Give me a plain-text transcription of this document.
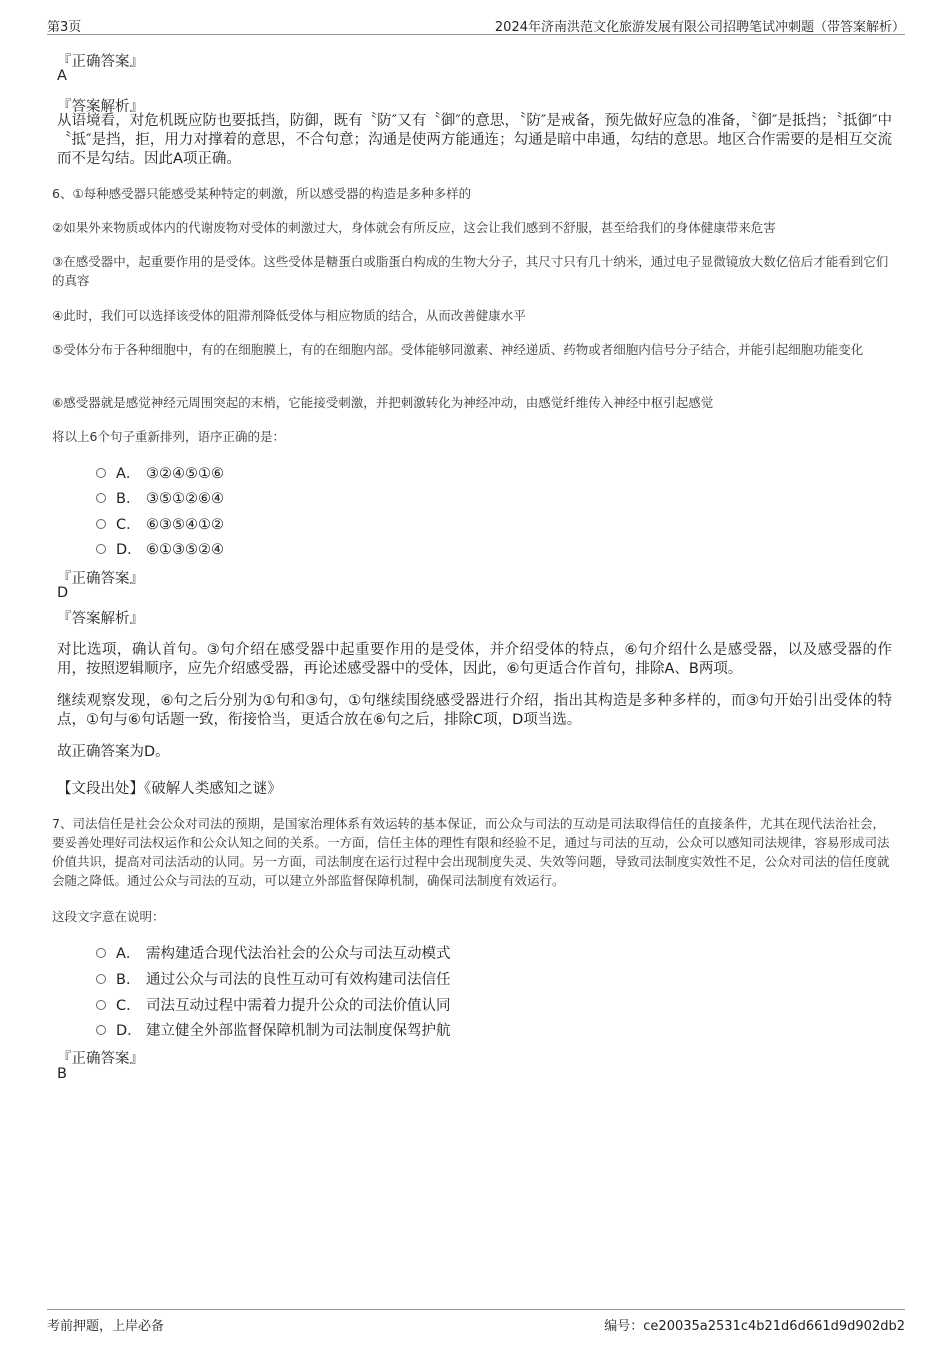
第3页	2024年济南洪范文化旅游发展有限公司招聘笔试冲刺题（带答案解析）
『正确答案』
A
『答案解析』
从语境看，对危机既应防也要抵挡，防御，既有〝防″又有〝御″的意思，〝防″是戒备，预先做好应急的准备，〝御″是抵挡；〝抵御″中〝抵″是挡，拒，用力对撑着的意思，不合句意；沟通是使两方能通连；勾通是暗中串通，勾结的意思。地区合作需要的是相互交流而不是勾结。因此A项正确。
6、①每种感受器只能感受某种特定的刺激，所以感受器的构造是多种多样的
②如果外来物质或体内的代谢废物对受体的刺激过大，身体就会有所反应，这会让我们感到不舒服，甚至给我们的身体健康带来危害
③在感受器中，起重要作用的是受体。这些受体是糖蛋白或脂蛋白构成的生物大分子，其尺寸只有几十纳米，通过电子显微镜放大数亿倍后才能看到它们的真容
④此时，我们可以选择该受体的阻滞剂降低受体与相应物质的结合，从而改善健康水平
⑤受体分布于各种细胞中，有的在细胞膜上，有的在细胞内部。受体能够同激素、神经递质、药物或者细胞内信号分子结合，并能引起细胞功能变化
⑥感受器就是感觉神经元周围突起的末梢，它能接受刺激，并把刺激转化为神经冲动，由感觉纤维传入神经中枢引起感觉
将以上6个句子重新排列，语序正确的是：
A． ③②④⑤①⑥
B． ③⑤①②⑥④
C． ⑥③⑤④①②
D． ⑥①③⑤②④
『正确答案』
D
『答案解析』
对比选项，确认首句。③句介绍在感受器中起重要作用的是受体，并介绍受体的特点，⑥句介绍什么是感受器，以及感受器的作用，按照逻辑顺序，应先介绍感受器，再论述感受器中的受体，因此，⑥句更适合作首句，排除A、B两项。
继续观察发现，⑥句之后分别为①句和③句，①句继续围绕感受器进行介绍，指出其构造是多种多样的，而③句开始引出受体的特点，①句与⑥句话题一致，衔接恰当，更适合放在⑥句之后，排除C项，D项当选。
故正确答案为D。
【文段出处】《破解人类感知之谜》
7、司法信任是社会公众对司法的预期，是国家治理体系有效运转的基本保证，而公众与司法的互动是司法取得信任的直接条件，尤其在现代法治社会，要妥善处理好司法权运作和公众认知之间的关系。一方面，信任主体的理性有限和经验不足，通过与司法的互动，公众可以感知司法规律，容易形成司法价值共识，提高对司法活动的认同。另一方面，司法制度在运行过程中会出现制度失灵、失效等问题，导致司法制度实效性不足，公众对司法的信任度就会随之降低。通过公众与司法的互动，可以建立外部监督保障机制，确保司法制度有效运行。
这段文字意在说明：
A． 需构建适合现代法治社会的公众与司法互动模式
B． 通过公众与司法的良性互动可有效构建司法信任
C． 司法互动过程中需着力提升公众的司法价值认同
D． 建立健全外部监督保障机制为司法制度保驾护航
『正确答案』
B
考前押题，上岸必备	编号：ce20035a2531c4b21d6d661d9d902db2
